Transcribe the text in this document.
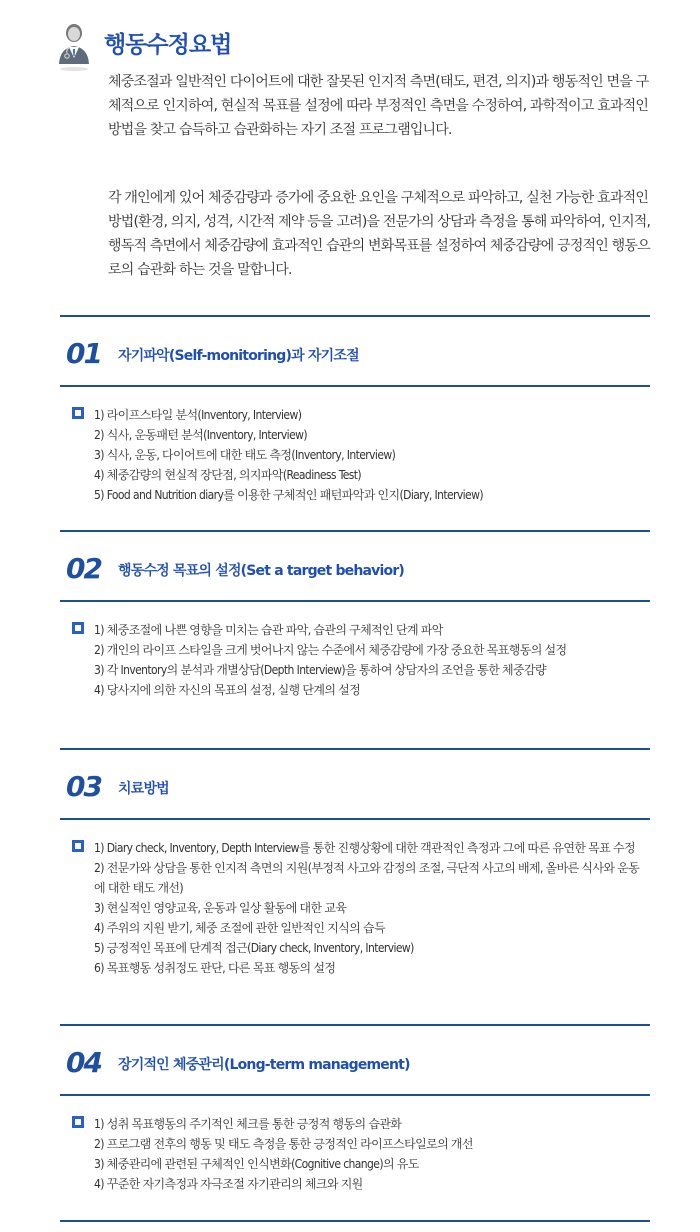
행동수정요법

체중조절과 일반적인 다이어트에 대한 잘못된 인지적 측면(태도, 편견, 의지)과 행동적인 면을 구체적으로 인지하여, 현실적 목표를 설정에 따라 부정적인 측면을 수정하여, 과학적이고 효과적인 방법을 찾고 습득하고 습관화하는 자기 조절 프로그램입니다.

각 개인에게 있어 체중감량과 증가에 중요한 요인을 구체적으로 파악하고, 실천 가능한 효과적인 방법(환경, 의지, 성격, 시간적 제약 등을 고려)을 전문가의 상담과 측정을 통해 파악하여, 인지적, 행독적 측면에서 체중감량에 효과적인 습관의 변화목표를 설정하여 체중감량에 긍정적인 행동으로의 습관화 하는 것을 말합니다.

01 자기파악(Self-monitoring)과 자기조절
1) 라이프스타일 분석(Inventory, Interview)
2) 식사, 운동패턴 분석(Inventory, Interview)
3) 식사, 운동, 다이어트에 대한 태도 측정(Inventory, Interview)
4) 체중감량의 현실적 장단점, 의지파악(Readiness Test)
5) Food and Nutrition diary를 이용한 구체적인 패턴파악과 인지(Diary, Interview)
02 행동수정 목표의 설정(Set a target behavior)
1) 체중조절에 나쁜 영향을 미치는 습관 파악, 습관의 구체적인 단계 파악
2) 개인의 라이프 스타일을 크게 벗어나지 않는 수준에서 체중감량에 가장 중요한 목표행동의 설정
3) 각 Inventory의 분석과 개별상담(Depth Interview)을 통하여 상담자의 조언을 통한 체중감량
4) 당사지에 의한 자신의 목표의 설정, 실행 단계의 설정
03 치료방법
1) Diary check, Inventory, Depth Interview를 통한 진행상황에 대한 객관적인 측정과 그에 따른 유연한 목표 수정
2) 전문가와 상담을 통한 인지적 측면의 지원(부정적 사고와 감정의 조절, 극단적 사고의 배제, 올바른 식사와 운동에 대한 태도 개선)
3) 현실적인 영양교육, 운동과 일상 활동에 대한 교육
4) 주위의 지원 받기, 체중 조절에 관한 일반적인 지식의 습득
5) 긍정적인 목표에 단계적 접근(Diary check, Inventory, Interview)
6) 목표행동 성취정도 판단, 다른 목표 행동의 설정
04 장기적인 체중관리(Long-term management)
1) 성취 목표행동의 주기적인 체크를 통한 긍정적 행동의 습관화
2) 프로그램 전후의 행동 및 태도 측정을 통한 긍정적인 라이프스타일로의 개선
3) 체중관리에 관련된 구체적인 인식변화(Cognitive change)의 유도
4) 꾸준한 자기측정과 자극조절 자기관리의 체크와 지원
